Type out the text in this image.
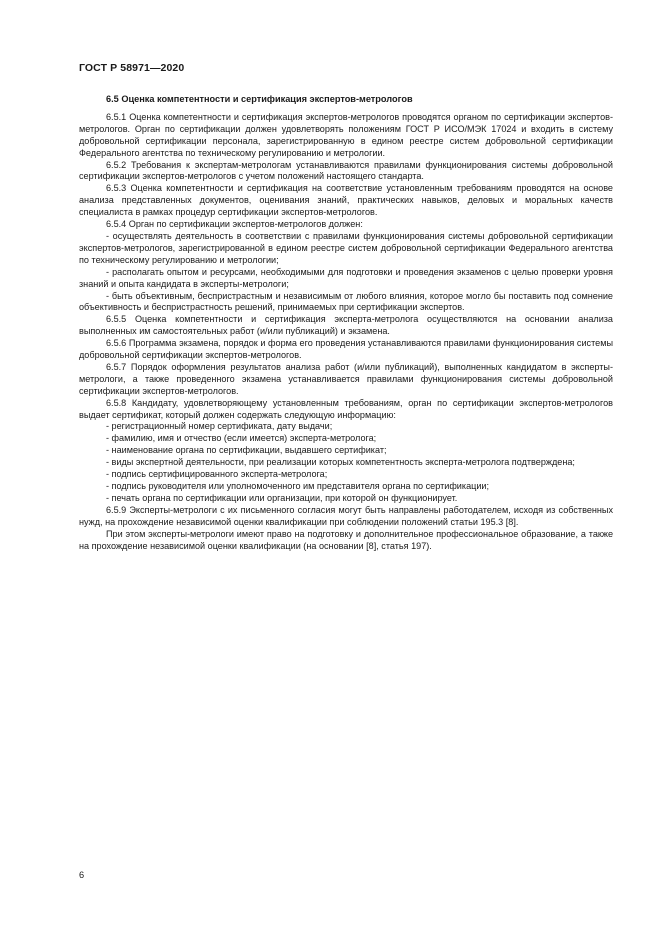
ГОСТ Р 58971—2020
6.5 Оценка компетентности и сертификация экспертов-метрологов

6.5.1 Оценка компетентности и сертификация экспертов-метрологов проводятся органом по сертификации экспертов-метрологов. Орган по сертификации должен удовлетворять положениям ГОСТ Р ИСО/МЭК 17024 и входить в систему добровольной сертификации персонала, зарегистрированную в едином реестре систем добровольной сертификации Федерального агентства по техническому регулированию и метрологии.

6.5.2 Требования к экспертам-метрологам устанавливаются правилами функционирования системы добровольной сертификации экспертов-метрологов с учетом положений настоящего стандарта.

6.5.3 Оценка компетентности и сертификация на соответствие установленным требованиям проводятся на основе анализа представленных документов, оценивания знаний, практических навыков, деловых и моральных качеств специалиста в рамках процедур сертификации экспертов-метрологов.

6.5.4 Орган по сертификации экспертов-метрологов должен:

- осуществлять деятельность в соответствии с правилами функционирования системы добровольной сертификации экспертов-метрологов, зарегистрированной в едином реестре систем добровольной сертификации Федерального агентства по техническому регулированию и метрологии;

- располагать опытом и ресурсами, необходимыми для подготовки и проведения экзаменов с целью проверки уровня знаний и опыта кандидата в эксперты-метрологи;

- быть объективным, беспристрастным и независимым от любого влияния, которое могло бы поставить под сомнение объективность и беспристрастность решений, принимаемых при сертификации экспертов.

6.5.5 Оценка компетентности и сертификация эксперта-метролога осуществляются на основании анализа выполненных им самостоятельных работ (и/или публикаций) и экзамена.

6.5.6 Программа экзамена, порядок и форма его проведения устанавливаются правилами функционирования системы добровольной сертификации экспертов-метрологов.

6.5.7 Порядок оформления результатов анализа работ (и/или публикаций), выполненных кандидатом в эксперты-метрологи, а также проведенного экзамена устанавливается правилами функционирования системы добровольной сертификации экспертов-метрологов.

6.5.8 Кандидату, удовлетворяющему установленным требованиям, орган по сертификации экспертов-метрологов выдает сертификат, который должен содержать следующую информацию:

- регистрационный номер сертификата, дату выдачи;

- фамилию, имя и отчество (если имеется) эксперта-метролога;

- наименование органа по сертификации, выдавшего сертификат;

- виды экспертной деятельности, при реализации которых компетентность эксперта-метролога подтверждена;

- подпись сертифицированного эксперта-метролога;

- подпись руководителя или уполномоченного им представителя органа по сертификации;

- печать органа по сертификации или организации, при которой он функционирует.

6.5.9 Эксперты-метрологи с их письменного согласия могут быть направлены работодателем, исходя из собственных нужд, на прохождение независимой оценки квалификации при соблюдении положений статьи 195.3 [8].

При этом эксперты-метрологи имеют право на подготовку и дополнительное профессиональное образование, а также на прохождение независимой оценки квалификации (на основании [8], статья 197).

6
